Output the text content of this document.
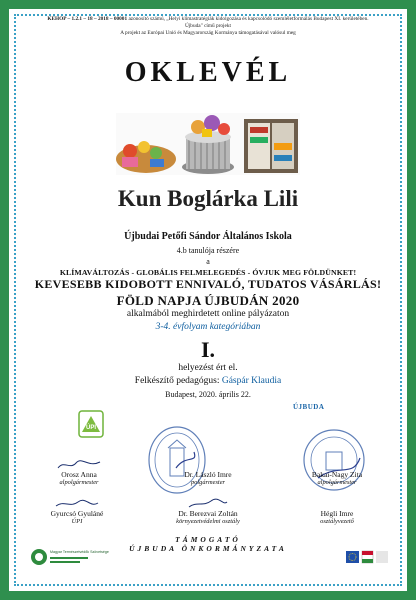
KEHOP – 1.2.1 – 18 – 2018 – 00001 azonosító számú, „Helyi klímastratégiák kidolgozása és kapcsolódó szemléletformálás Budapest XI. kerületében.
Újbuda" című projekt
A projekt az Európai Unió és Magyarország Kormánya támogatásával valósul meg
OKLEVÉL
Kun Boglárka Lili
Újbudai Petőfi Sándor Általános Iskola
4.b tanulója részére
a
KLÍMAVÁLTOZÁS - GLOBÁLIS FELMELEGEDÉS - ÓVJUK MEG FÖLDÜNKET!
KEVESEBB KIDOBOTT ENNIVALÓ, TUDATOS VÁSÁRLÁS!
FÖLD NAPJA ÚJBUDÁN 2020
alkalmából meghirdetett online pályázaton
3-4. évfolyam kategóriában
I.
helyezést ért el.
Felkészítő pedagógus: Gáspár Klaudia
Budapest, 2020. április 22.
ÚPI
ÚJBUDA
Orosz Anna
alpolgármester
Dr. László Imre
polgármester
Bakai-Nagy Zita
alpolgármester
Gyurcsó Gyuláné
ÚPI
Dr. Berezvai Zoltán
környezetvédelmi osztály
Hégli Imre
osztályvezető
TÁMOGATÓ
ÚJBUDA ÖNKORMÁNYZATA
Magyar Természetvédők Szövetsége
